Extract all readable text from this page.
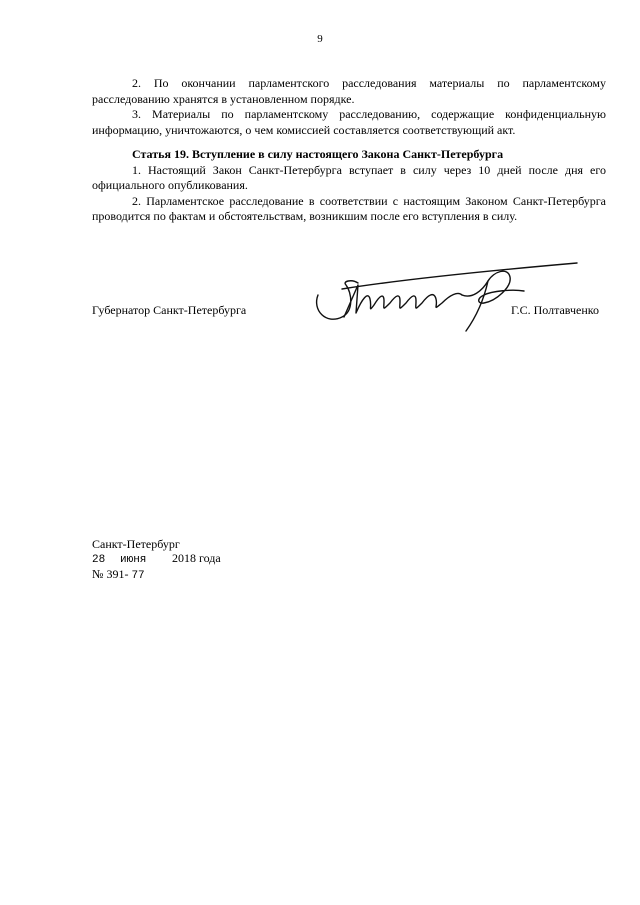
9

2. По окончании парламентского расследования материалы по парламентскому расследованию хранятся в установленном порядке.

3. Материалы по парламентскому расследованию, содержащие конфиденциальную информацию, уничтожаются, о чем комиссией составляется соответствующий акт.

Статья 19. Вступление в силу настоящего Закона Санкт-Петербурга

1. Настоящий Закон Санкт-Петербурга вступает в силу через 10 дней после дня его официального опубликования.

2. Парламентское расследование в соответствии с настоящим Законом Санкт-Петербурга проводится по фактам и обстоятельствам, возникшим после его вступления в силу.

Губернатор Санкт-Петербурга	Г.С. Полтавченко
Санкт-Петербург
28 июня 2018 года
№ 391- 77
